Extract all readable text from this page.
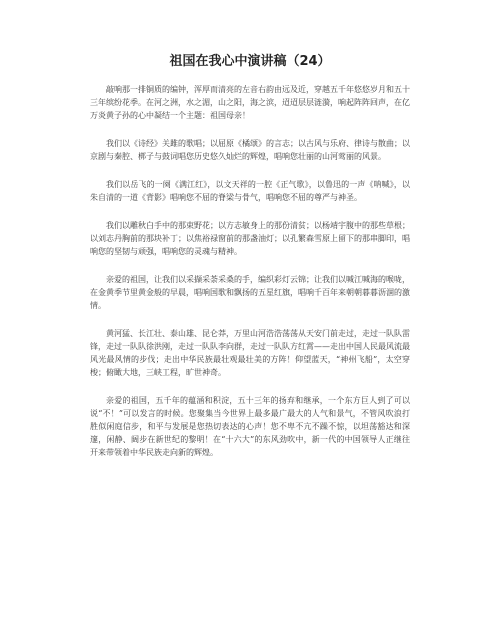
祖国在我心中演讲稿（24）

敲响那一排铜质的编钟，浑厚而清亮的左音右韵由远及近，穿越五千年悠悠岁月和五十三年缤纷花季。在河之洲，水之湄，山之阳，海之滨，迢迢层层涟漪，响起阵阵回声，在亿万炎黄子孙的心中凝结一个主题：祖国母亲！

我们以《诗经》关雎的歌唱；以屈原《橘颂》的言志；以古风与乐府、律诗与散曲；以京剧与秦腔、梆子与鼓词唱您历史悠久灿烂的辉煌，唱响您壮丽的山河莺丽的风景。

我们以岳飞的一阕《满江红》，以文天祥的一腔《正气歌》，以鲁迅的一声《呐喊》，以朱自清的一道《背影》唱响您不屈的脊梁与骨气，唱响您不屈的尊严与神圣。

我们以雕秋白手中的那束野花；以方志敏身上的那份清贫；以杨靖宇腹中的那些草根；以刘志丹胸前的那块补丁；以焦裕禄窗前的那盏油灯；以孔繁森雪原上留下的那串脚印，唱响您的坚韧与顽强，唱响您的灵魂与精神。

亲爱的祖国，让我们以采撷采荼采桑的手，编织彩灯云锦；让我们以喊江喊海的喉咙，在金黄季节里黄金般的早晨，唱响国歌和飘扬的五星红旗，唱响千百年来朝朝暮暮沥涸的激情。

黄河猛、长江壮、泰山雄、昆仑莽，万里山河浩浩荡荡从天安门前走过，走过一队队雷锋，走过一队队徐洪刚，走过一队队李向群，走过一队队方红霄——走出中国人民最风流最风光最风情的步伐；走出中华民族最壮观最壮美的方阵！仰望蓝天，“神州飞船”，太空穿梭；俯瞰大地，三峡工程，旷世神奇。

亲爱的祖国，五千年的蕴涵和积淀，五十三年的扬弃和继承，一个东方巨人到了可以说“不！”可以发言的时候。您聚集当今世界上最多最广最大的人气和景气，不管风吹浪打胜似闲庭信步，和平与发展是您热切表达的心声！您不卑不亢不躁不惊，以坦荡豁达和深邃，闲静、阔步在新世纪的黎明！在“十六大”的东风劲吹中，新一代的中国领导人正继往开来带领着中华民族走向新的辉煌。
